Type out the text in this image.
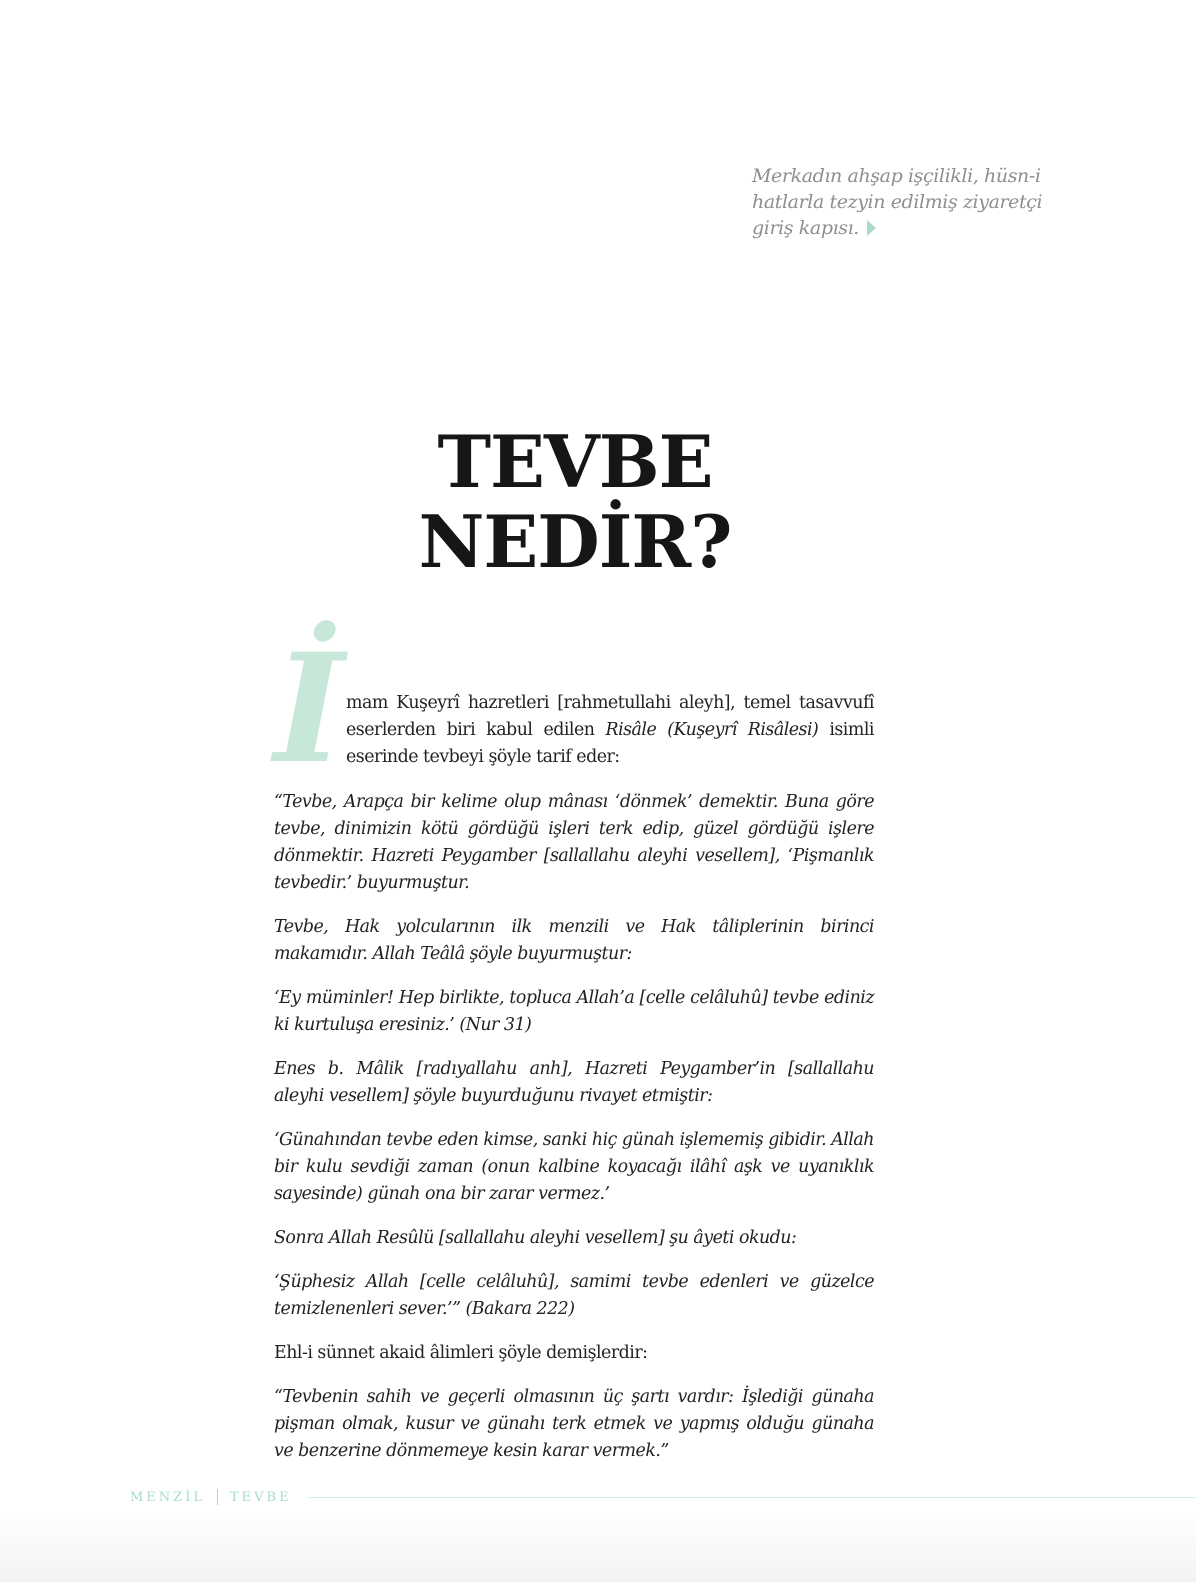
Merkadın ahşap işçilikli, hüsn-i hatlarla tezyin edilmiş ziyaretçi giriş kapısı.
TEVBE
NEDİR?

İ mam Kuşeyrî hazretleri [rahmetullahi aleyh], temel tasavvufî eserlerden biri kabul edilen Risâle (Kuşeyrî Risâlesi) isimli eserinde tevbeyi şöyle tarif eder:

“Tevbe, Arapça bir kelime olup mânası ‘dönmek’ demektir. Buna göre tevbe, dinimizin kötü gördüğü işleri terk edip, güzel gördüğü işlere dönmektir. Hazreti Peygamber [sallallahu aleyhi vesellem], ‘Pişmanlık tevbedir.’ buyurmuştur.

Tevbe, Hak yolcularının ilk menzili ve Hak tâliplerinin birinci makamıdır. Allah Teâlâ şöyle buyurmuştur:

‘Ey müminler! Hep birlikte, topluca Allah’a [celle celâluhû] tevbe ediniz ki kurtuluşa eresiniz.’ (Nur 31)

Enes b. Mâlik [radıyallahu anh], Hazreti Peygamber’in [sallallahu aleyhi vesellem] şöyle buyurduğunu rivayet etmiştir:

‘Günahından tevbe eden kimse, sanki hiç günah işlememiş gibidir. Allah bir kulu sevdiği zaman (onun kalbine koyacağı ilâhî aşk ve uyanıklık sayesinde) günah ona bir zarar vermez.’

Sonra Allah Resûlü [sallallahu aleyhi vesellem] şu âyeti okudu:

‘Şüphesiz Allah [celle celâluhû], samimi tevbe edenleri ve güzelce temizlenenleri sever.’” (Bakara 222)

Ehl-i sünnet akaid âlimleri şöyle demişlerdir:

“Tevbenin sahih ve geçerli olmasının üç şartı vardır: İşlediği günaha pişman olmak, kusur ve günahı terk etmek ve yapmış olduğu günaha ve benzerine dönmemeye kesin karar vermek.”

MENZİL TEVBE
